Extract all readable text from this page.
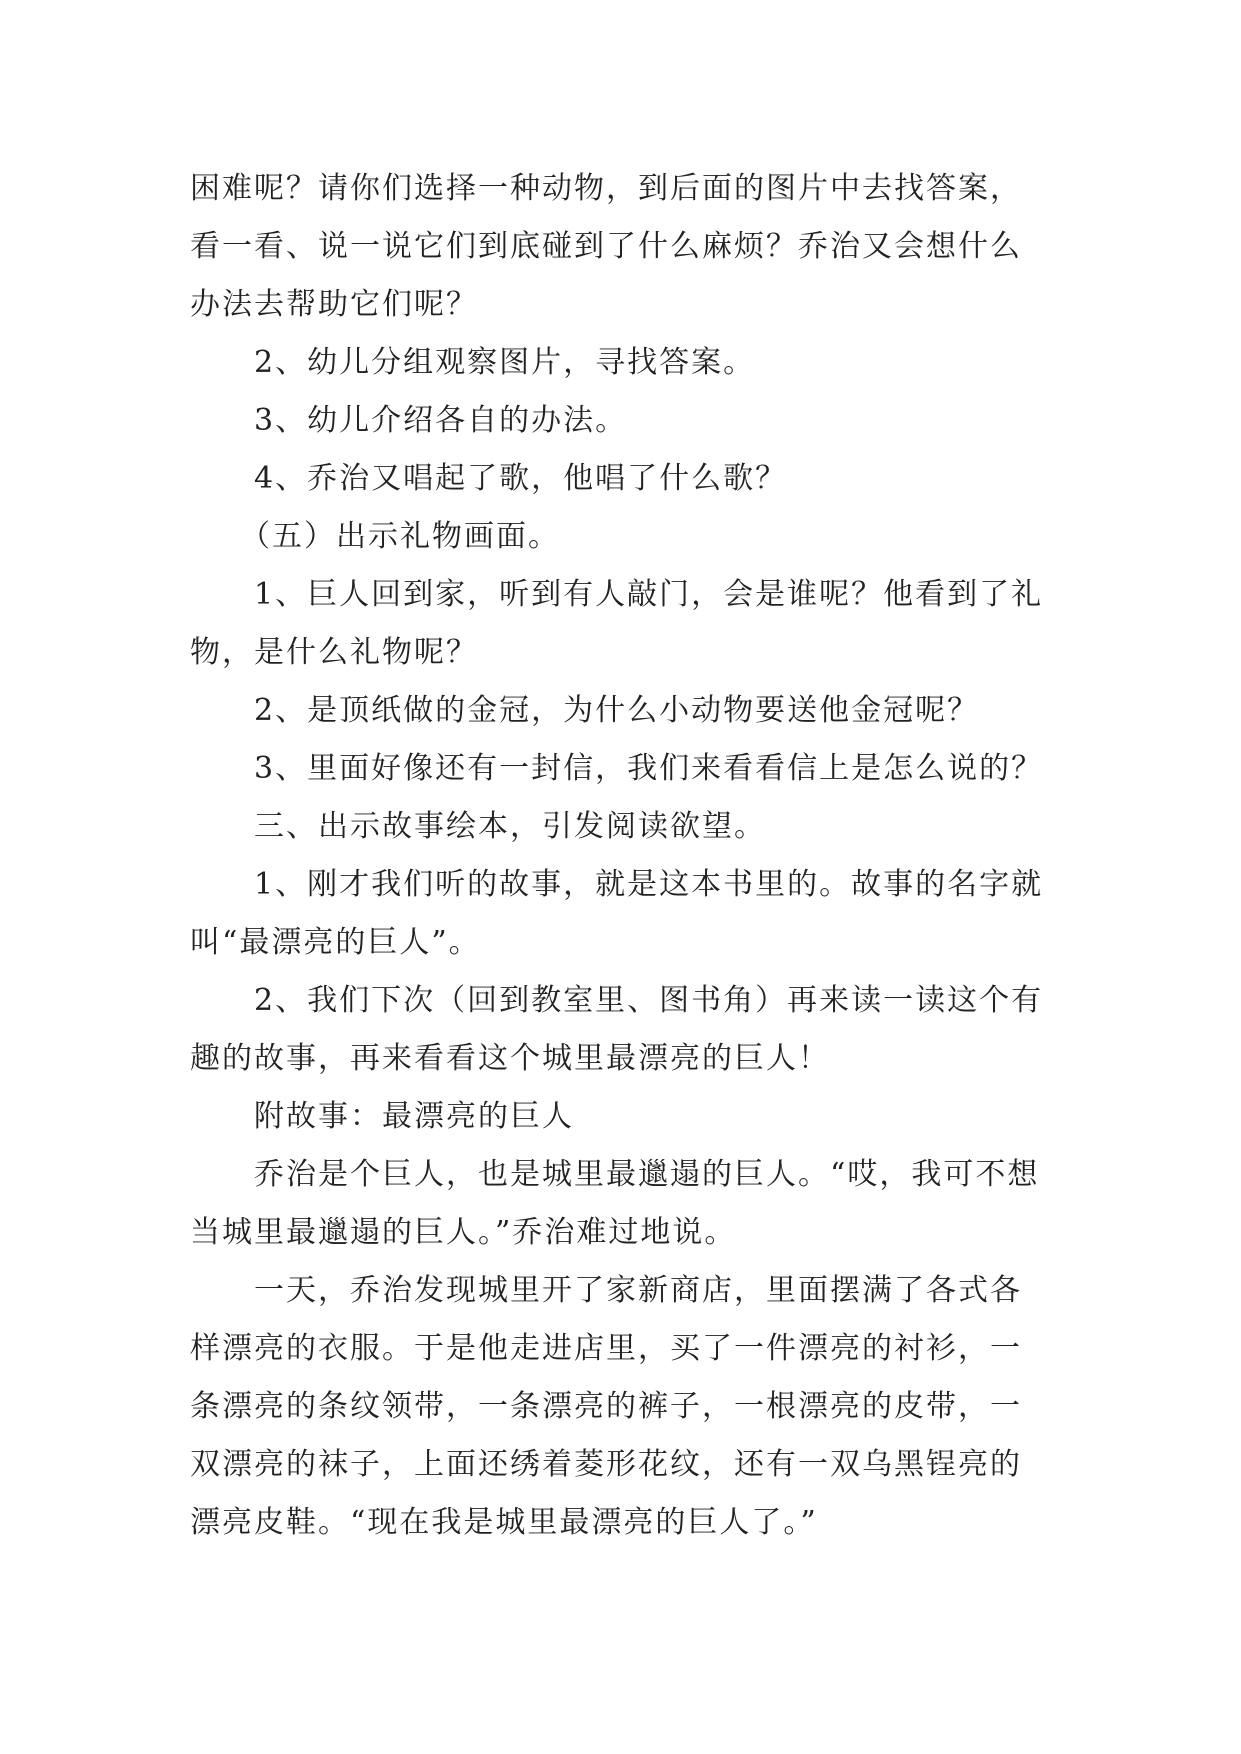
困难呢？请你们选择一种动物，到后面的图片中去找答案，看一看、说一说它们到底碰到了什么麻烦？乔治又会想什么办法去帮助它们呢？

2、幼儿分组观察图片，寻找答案。

3、幼儿介绍各自的办法。

4、乔治又唱起了歌，他唱了什么歌？

（五）出示礼物画面。

1、巨人回到家，听到有人敲门，会是谁呢？他看到了礼物，是什么礼物呢？

2、是顶纸做的金冠，为什么小动物要送他金冠呢？

3、里面好像还有一封信，我们来看看信上是怎么说的？

三、出示故事绘本，引发阅读欲望。

1、刚才我们听的故事，就是这本书里的。故事的名字就叫“最漂亮的巨人”。

2、我们下次（回到教室里、图书角）再来读一读这个有趣的故事，再来看看这个城里最漂亮的巨人！

附故事：最漂亮的巨人

乔治是个巨人，也是城里最邋遢的巨人。“哎，我可不想当城里最邋遢的巨人。”乔治难过地说。

一天，乔治发现城里开了家新商店，里面摆满了各式各样漂亮的衣服。于是他走进店里，买了一件漂亮的衬衫，一条漂亮的条纹领带，一条漂亮的裤子，一根漂亮的皮带，一双漂亮的袜子，上面还绣着菱形花纹，还有一双乌黑锃亮的漂亮皮鞋。“现在我是城里最漂亮的巨人了。”
